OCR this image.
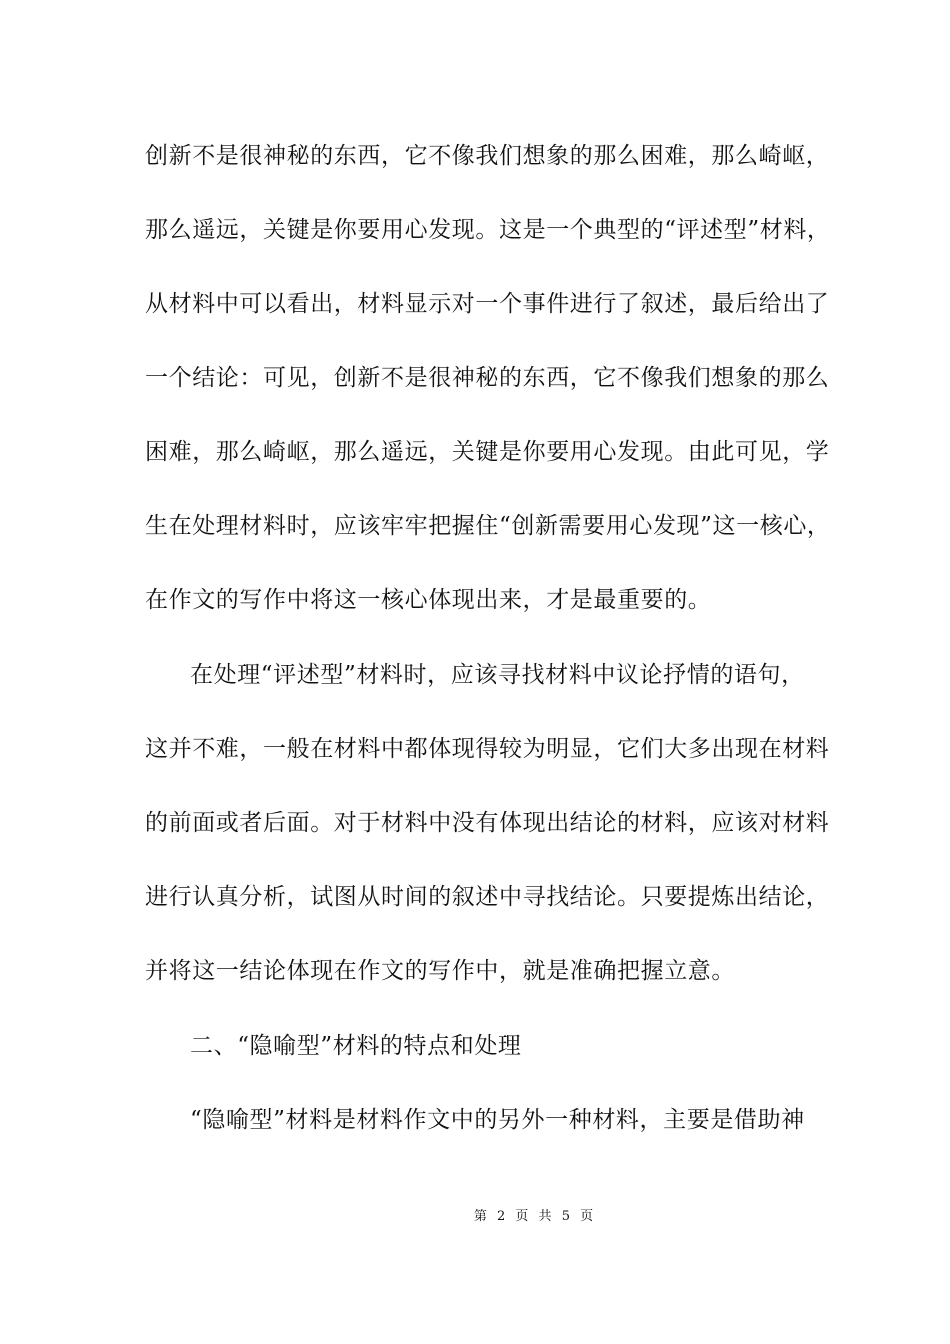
创新不是很神秘的东西，它不像我们想象的那么困难，那么崎岖，
那么遥远，关键是你要用心发现。这是一个典型的“评述型”材料，
从材料中可以看出，材料显示对一个事件进行了叙述，最后给出了
一个结论：可见，创新不是很神秘的东西，它不像我们想象的那么
困难，那么崎岖，那么遥远，关键是你要用心发现。由此可见，学
生在处理材料时，应该牢牢把握住“创新需要用心发现”这一核心，
在作文的写作中将这一核心体现出来，才是最重要的。
在处理“评述型”材料时，应该寻找材料中议论抒情的语句，
这并不难，一般在材料中都体现得较为明显，它们大多出现在材料
的前面或者后面。对于材料中没有体现出结论的材料，应该对材料
进行认真分析，试图从时间的叙述中寻找结论。只要提炼出结论，
并将这一结论体现在作文的写作中，就是准确把握立意。
二、“隐喻型”材料的特点和处理
“隐喻型”材料是材料作文中的另外一种材料，主要是借助神
第 2 页 共 5 页
